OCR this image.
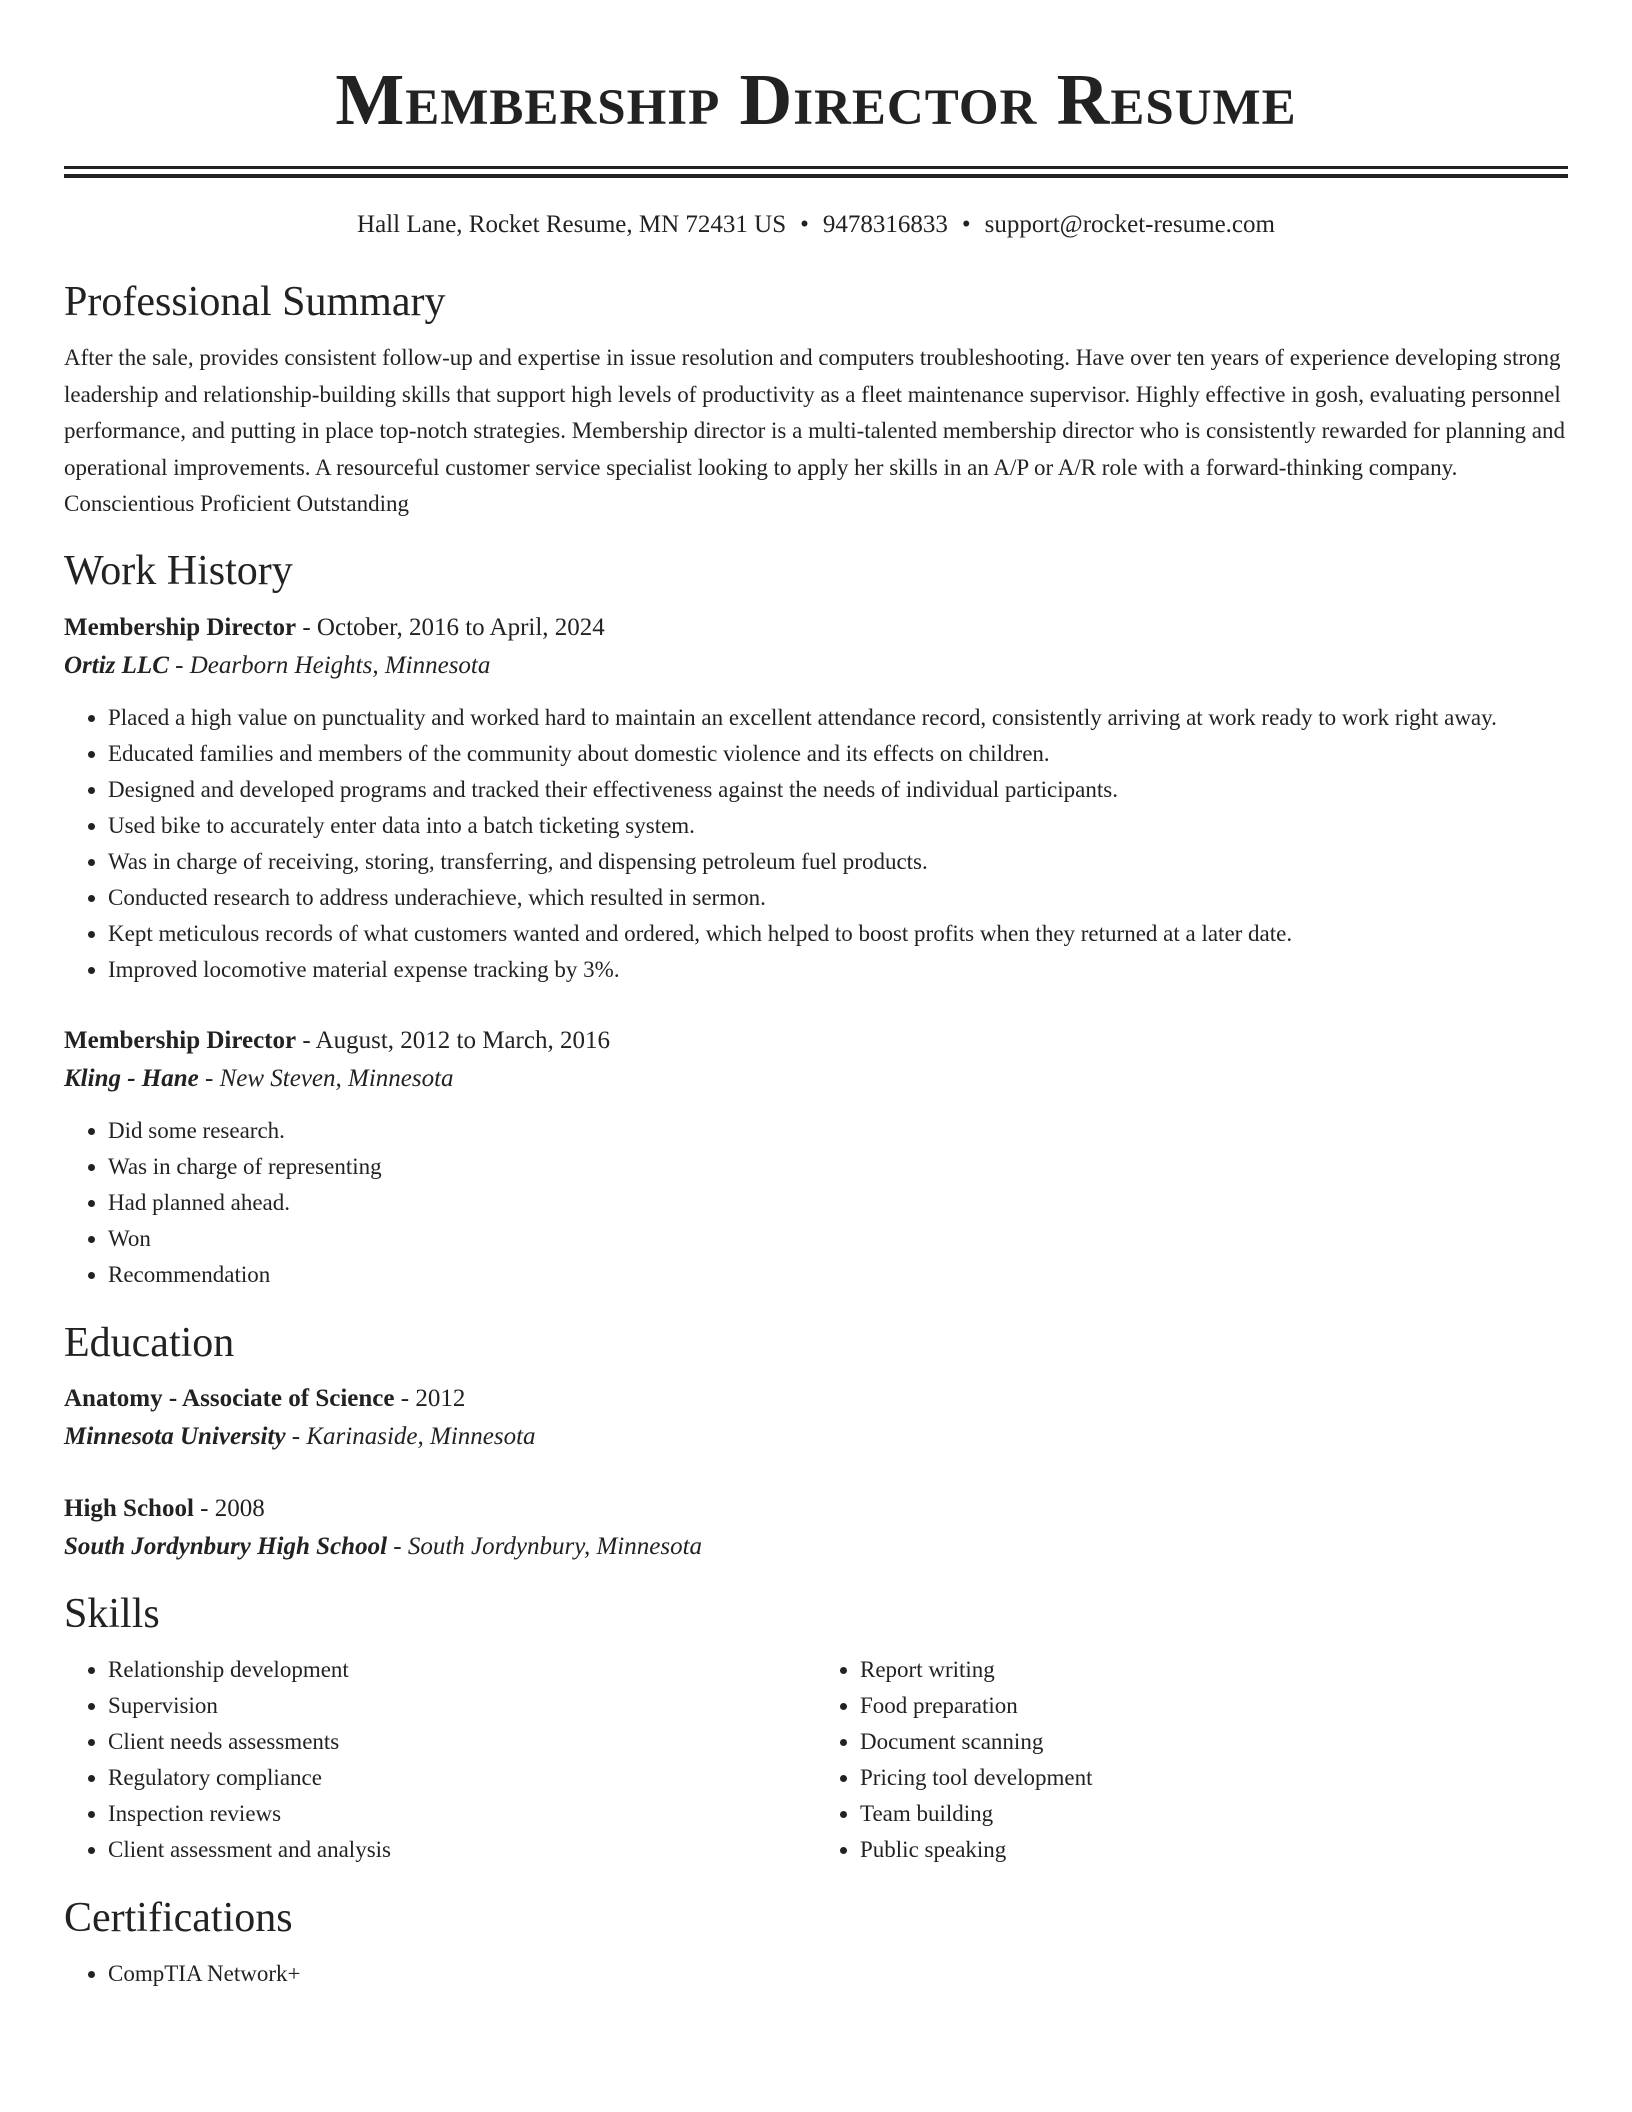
Membership Director Resume
Hall Lane, Rocket Resume, MN 72431 US • 9478316833 • support@rocket-resume.com
Professional Summary

After the sale, provides consistent follow-up and expertise in issue resolution and computers troubleshooting. Have over ten years of experience developing strong leadership and relationship-building skills that support high levels of productivity as a fleet maintenance supervisor. Highly effective in gosh, evaluating personnel performance, and putting in place top-notch strategies. Membership director is a multi-talented membership director who is consistently rewarded for planning and operational improvements. A resourceful customer service specialist looking to apply her skills in an A/P or A/R role with a forward-thinking company. Conscientious Proficient Outstanding

Work History
Membership Director - October, 2016 to April, 2024
Ortiz LLC - Dearborn Heights, Minnesota
• Placed a high value on punctuality and worked hard to maintain an excellent attendance record, consistently arriving at work ready to work right away.
• Educated families and members of the community about domestic violence and its effects on children.
• Designed and developed programs and tracked their effectiveness against the needs of individual participants.
• Used bike to accurately enter data into a batch ticketing system.
• Was in charge of receiving, storing, transferring, and dispensing petroleum fuel products.
• Conducted research to address underachieve, which resulted in sermon.
• Kept meticulous records of what customers wanted and ordered, which helped to boost profits when they returned at a later date.
• Improved locomotive material expense tracking by 3%.
Membership Director - August, 2012 to March, 2016
Kling - Hane - New Steven, Minnesota
• Did some research.
• Was in charge of representing
• Had planned ahead.
• Won
• Recommendation
Education
Anatomy - Associate of Science - 2012
Minnesota University - Karinaside, Minnesota
High School - 2008
South Jordynbury High School - South Jordynbury, Minnesota
Skills
• Relationship development
• Supervision
• Client needs assessments
• Regulatory compliance
• Inspection reviews
• Client assessment and analysis
• Report writing
• Food preparation
• Document scanning
• Pricing tool development
• Team building
• Public speaking
Certifications
• CompTIA Network+
